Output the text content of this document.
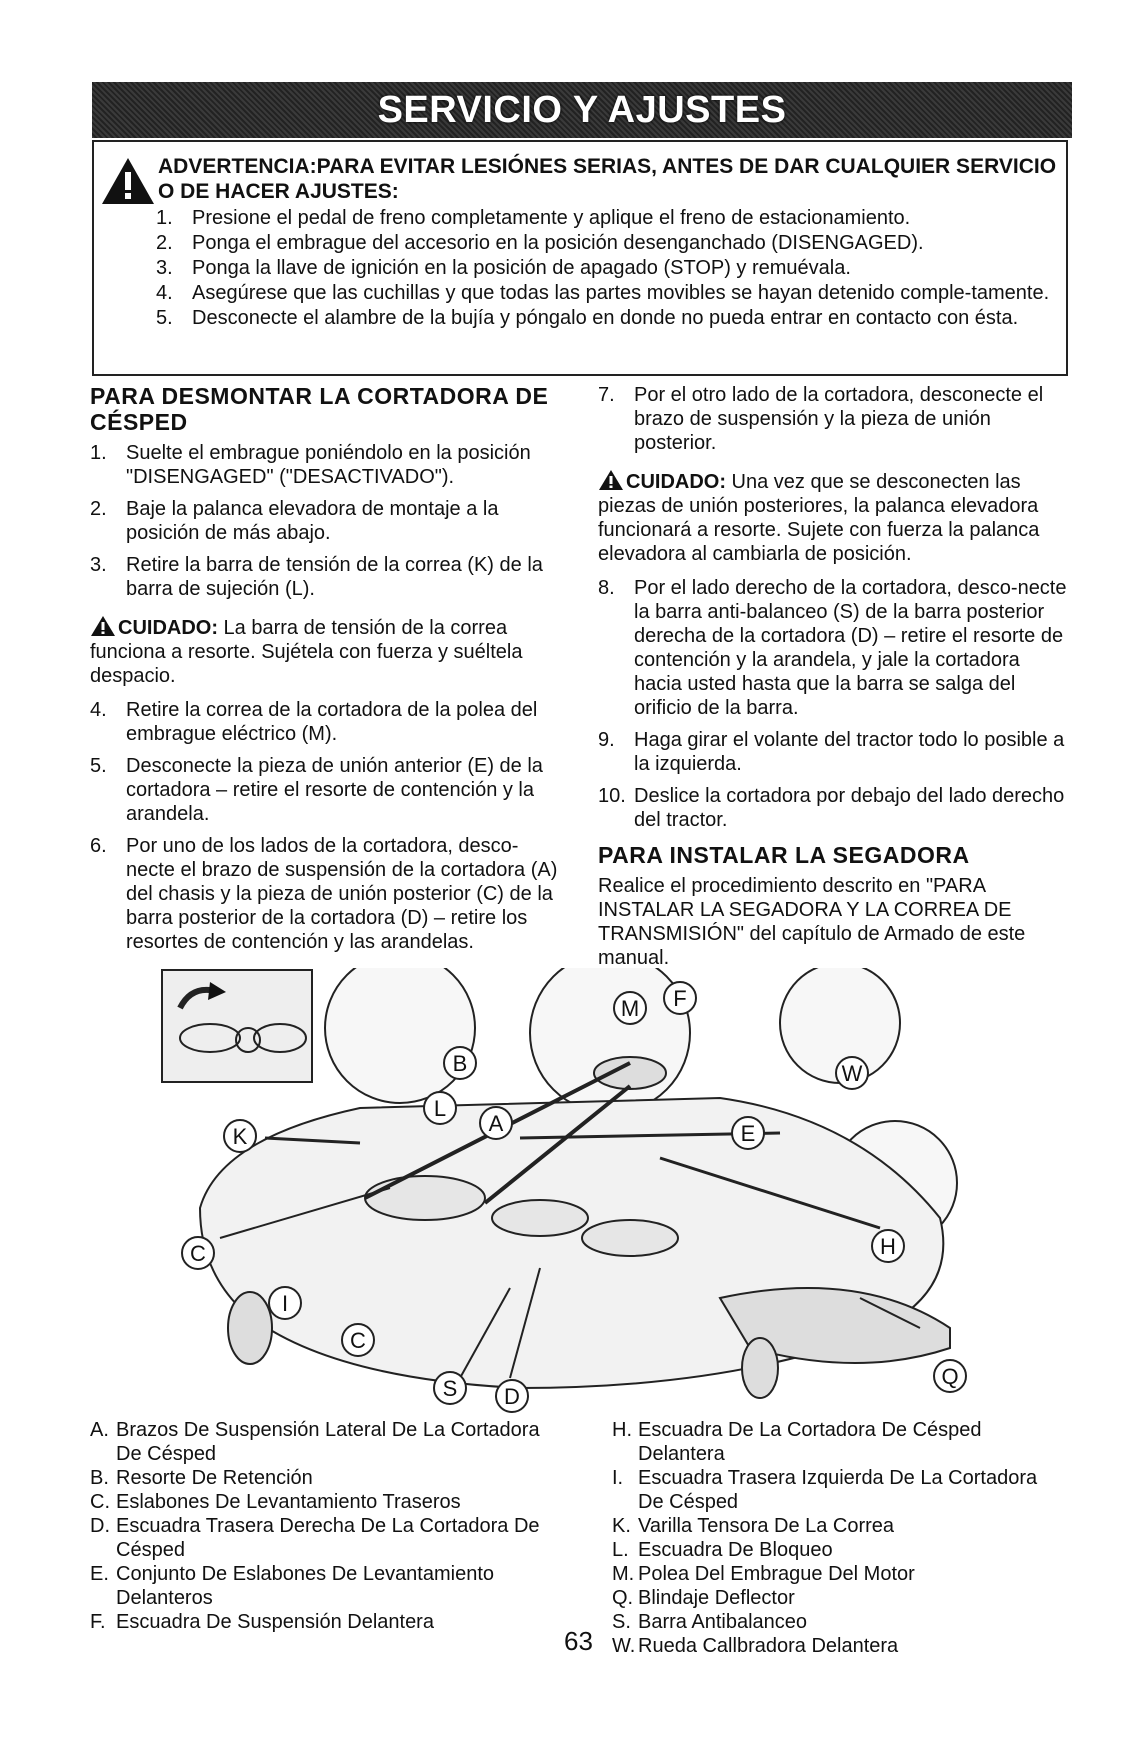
SERVICIO Y AJUSTES
ADVERTENCIA:PARA EVITAR LESIÓNES SERIAS, ANTES DE DAR CUALQUIER SERVICIO O DE HACER AJUSTES:
1. Presione el pedal de freno completamente y aplique el freno de estacionamiento.
2. Ponga el embrague del accesorio en la posición desenganchado (DISENGAGED).
3. Ponga la llave de ignición en la posición de apagado (STOP) y remuévala.
4. Asegúrese que las cuchillas y que todas las partes movibles se hayan detenido comple-tamente.
5. Desconecte el alambre de la bujía y póngalo en donde no pueda entrar en contacto con ésta.
PARA DESMONTAR LA CORTADORA DE CÉSPED
1. Suelte el embrague poniéndolo en la posición "DISENGAGED" ("DESACTIVADO").
2. Baje la palanca elevadora de montaje a la posición de más abajo.
3. Retire la barra de tensión de la correa (K) de la barra de sujeción (L).

CUIDADO: La barra de tensión de la correa funciona a resorte. Sujétela con fuerza y suéltela despacio.

4. Retire la correa de la cortadora de la polea del embrague eléctrico (M).
5. Desconecte la pieza de unión anterior (E) de la cortadora – retire el resorte de contención y la arandela.
6. Por uno de los lados de la cortadora, desco-necte el brazo de suspensión de la cortadora (A) del chasis y la pieza de unión posterior (C) de la barra posterior de la cortadora (D) – retire los resortes de contención y las arandelas.
7. Por el otro lado de la cortadora, desconecte el brazo de suspensión y la pieza de unión posterior.

CUIDADO: Una vez que se desconecten las piezas de unión posteriores, la palanca elevadora funcionará a resorte. Sujete con fuerza la palanca elevadora al cambiarla de posición.

8. Por el lado derecho de la cortadora, desco-necte la barra anti-balanceo (S) de la barra posterior derecha de la cortadora (D) – retire el resorte de contención y la arandela, y jale la cortadora hacia usted hasta que la barra se salga del orificio de la barra.
9. Haga girar el volante del tractor todo lo posible a la izquierda.
10. Deslice la cortadora por debajo del lado derecho del tractor.
PARA INSTALAR LA SEGADORA

Realice el procedimiento descrito en "PARA INSTALAR LA SEGADORA Y LA CORREA DE TRANSMISIÓN" del capítulo de Armado de este manual.

B
L
A
M F
W
K	E
C	H
I
C
S D
Q
A. Brazos De Suspensión Lateral De La Cortadora De Césped
B. Resorte De Retención
C. Eslabones De Levantamiento Traseros
D. Escuadra Trasera Derecha De La Cortadora De Césped
E. Conjunto De Eslabones De Levantamiento Delanteros
F. Escuadra De Suspensión Delantera
H. Escuadra De La Cortadora De Césped Delantera
I. Escuadra Trasera Izquierda De La Cortadora De Césped
K. Varilla Tensora De La Correa
L. Escuadra De Bloqueo
M. Polea Del Embrague Del Motor
Q. Blindaje Deflector
S. Barra Antibalanceo
W. Rueda Callbradora Delantera
63
